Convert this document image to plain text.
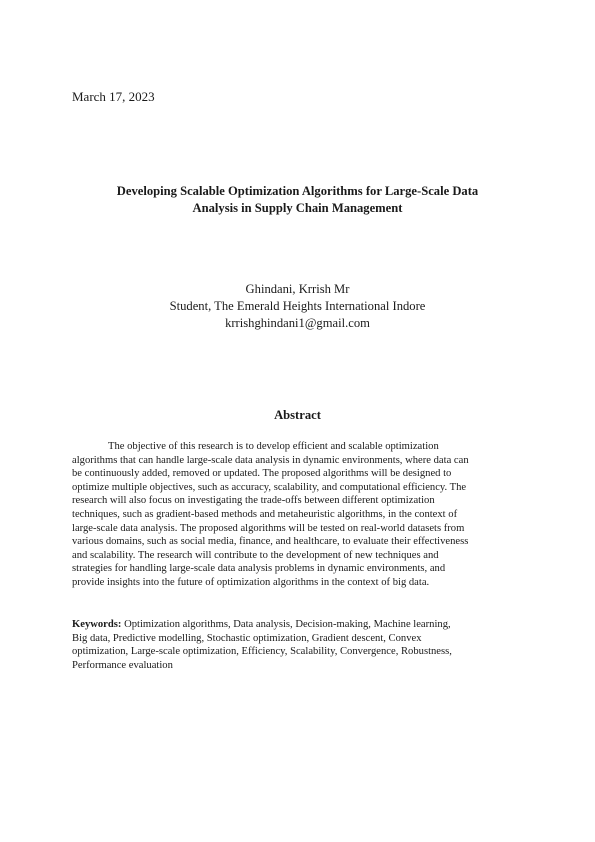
March 17, 2023
Developing Scalable Optimization Algorithms for Large-Scale Data
Analysis in Supply Chain Management
Ghindani, Krrish Mr
Student, The Emerald Heights International Indore
krrishghindani1@gmail.com
Abstract
The objective of this research is to develop efficient and scalable optimization
algorithms that can handle large-scale data analysis in dynamic environments, where data can
be continuously added, removed or updated. The proposed algorithms will be designed to
optimize multiple objectives, such as accuracy, scalability, and computational efficiency. The
research will also focus on investigating the trade-offs between different optimization
techniques, such as gradient-based methods and metaheuristic algorithms, in the context of
large-scale data analysis. The proposed algorithms will be tested on real-world datasets from
various domains, such as social media, finance, and healthcare, to evaluate their effectiveness
and scalability. The research will contribute to the development of new techniques and
strategies for handling large-scale data analysis problems in dynamic environments, and
provide insights into the future of optimization algorithms in the context of big data.
Keywords: Optimization algorithms, Data analysis, Decision-making, Machine learning,
Big data, Predictive modelling, Stochastic optimization, Gradient descent, Convex
optimization, Large-scale optimization, Efficiency, Scalability, Convergence, Robustness,
Performance evaluation
